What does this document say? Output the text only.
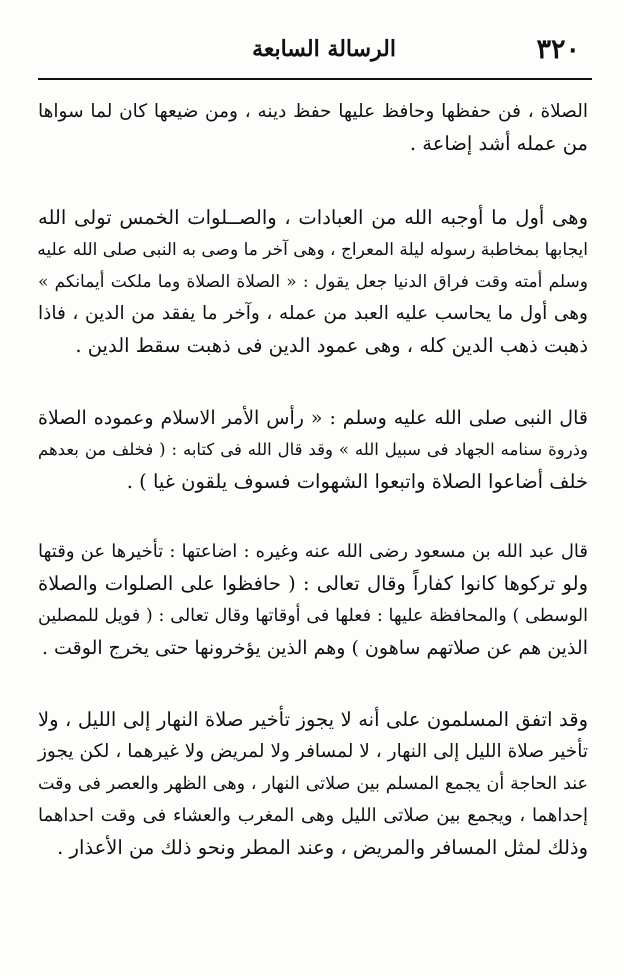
٣٢٠
الرسالة السابعة
الصلاة ، فن حفظها وحافظ عليها حفظ دينه ، ومن ضيعها كان لما سواها
من عمله أشد إضاعة .
وهى أول ما أوجبه الله من العبادات ، والصــلوات الخمس تولى الله
ايجابها بمخاطبة رسوله ليلة المعراج ، وهى آخر ما وصى به النبى صلى الله عليه
وسلم أمته وقت فراق الدنيا جعل يقول : « الصلاة الصلاة وما ملكت أيمانكم »
وهى أول ما يحاسب عليه العبد من عمله ، وآخر ما يفقد من الدين ، فاذا
ذهبت ذهب الدين كله ، وهى عمود الدين فى ذهبت سقط الدين .
قال النبى صلى الله عليه وسلم : « رأس الأمر الاسلام وعموده الصلاة
وذروة سنامه الجهاد فى سبيل الله » وقد قال الله فى كتابه : ( فخلف من بعدهم
خلف أضاعوا الصلاة واتبعوا الشهوات فسوف يلقون غيا ) .
قال عبد الله بن مسعود رضى الله عنه وغيره : اضاعتها : تأخيرها عن وقتها
ولو تركوها كانوا كفاراً وقال تعالى : ( حافظوا على الصلوات والصلاة
الوسطى ) والمحافظة عليها : فعلها فى أوقاتها وقال تعالى : ( فويل للمصلين
الذين هم عن صلاتهم ساهون ) وهم الذين يؤخرونها حتى يخرج الوقت .
وقد اتفق المسلمون على أنه لا يجوز تأخير صلاة النهار إلى الليل ، ولا
تأخير صلاة الليل إلى النهار ، لا لمسافر ولا لمريض ولا غيرهما ، لكن يجوز
عند الحاجة أن يجمع المسلم بين صلاتى النهار ، وهى الظهر والعصر فى وقت
إحداهما ، ويجمع بين صلاتى الليل وهى المغرب والعشاء فى وقت احداهما
وذلك لمثل المسافر والمريض ، وعند المطر ونحو ذلك من الأعذار .
